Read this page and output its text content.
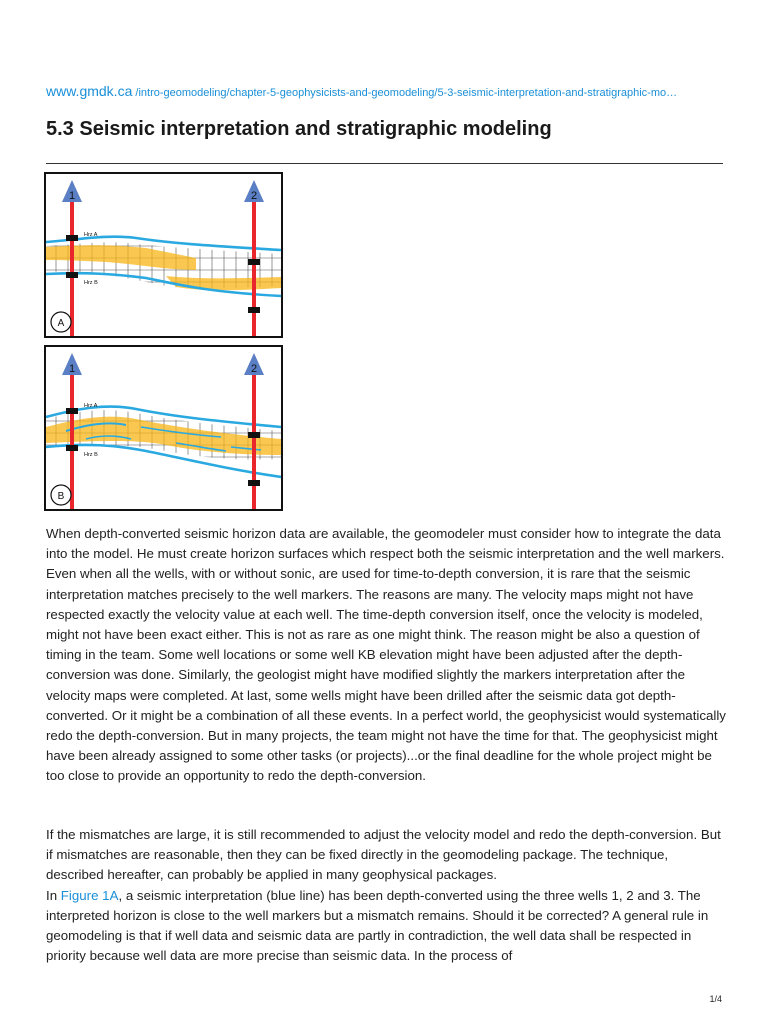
www.gmdk.ca /intro-geomodeling/chapter-5-geophysicists-and-geomodeling/5-3-seismic-interpretation-and-stratigraphic-mo…
5.3 Seismic interpretation and stratigraphic modeling
1	2
Hrz A
Hrz B
A
1	2
Hrz A
Hrz B
B

When depth-converted seismic horizon data are available, the geomodeler must consider how to integrate the data into the model. He must create horizon surfaces which respect both the seismic interpretation and the well markers. Even when all the wells, with or without sonic, are used for time-to-depth conversion, it is rare that the seismic interpretation matches precisely to the well markers. The reasons are many. The velocity maps might not have respected exactly the velocity value at each well. The time-depth conversion itself, once the velocity is modeled, might not have been exact either. This is not as rare as one might think. The reason might be also a question of timing in the team. Some well locations or some well KB elevation might have been adjusted after the depth-conversion was done. Similarly, the geologist might have modified slightly the markers interpretation after the velocity maps were completed. At last, some wells might have been drilled after the seismic data got depth-converted. Or it might be a combination of all these events. In a perfect world, the geophysicist would systematically redo the depth-conversion. But in many projects, the team might not have the time for that. The geophysicist might have been already assigned to some other tasks (or projects)...or the final deadline for the whole project might be too close to provide an opportunity to redo the depth-conversion.

If the mismatches are large, it is still recommended to adjust the velocity model and redo the depth-conversion. But if mismatches are reasonable, then they can be fixed directly in the geomodeling package. The technique, described hereafter, can probably be applied in many geophysical packages.
In Figure 1A, a seismic interpretation (blue line) has been depth-converted using the three wells 1, 2 and 3. The interpreted horizon is close to the well markers but a mismatch remains. Should it be corrected? A general rule in geomodeling is that if well data and seismic data are partly in contradiction, the well data shall be respected in priority because well data are more precise than seismic data. In the process of

1/4
